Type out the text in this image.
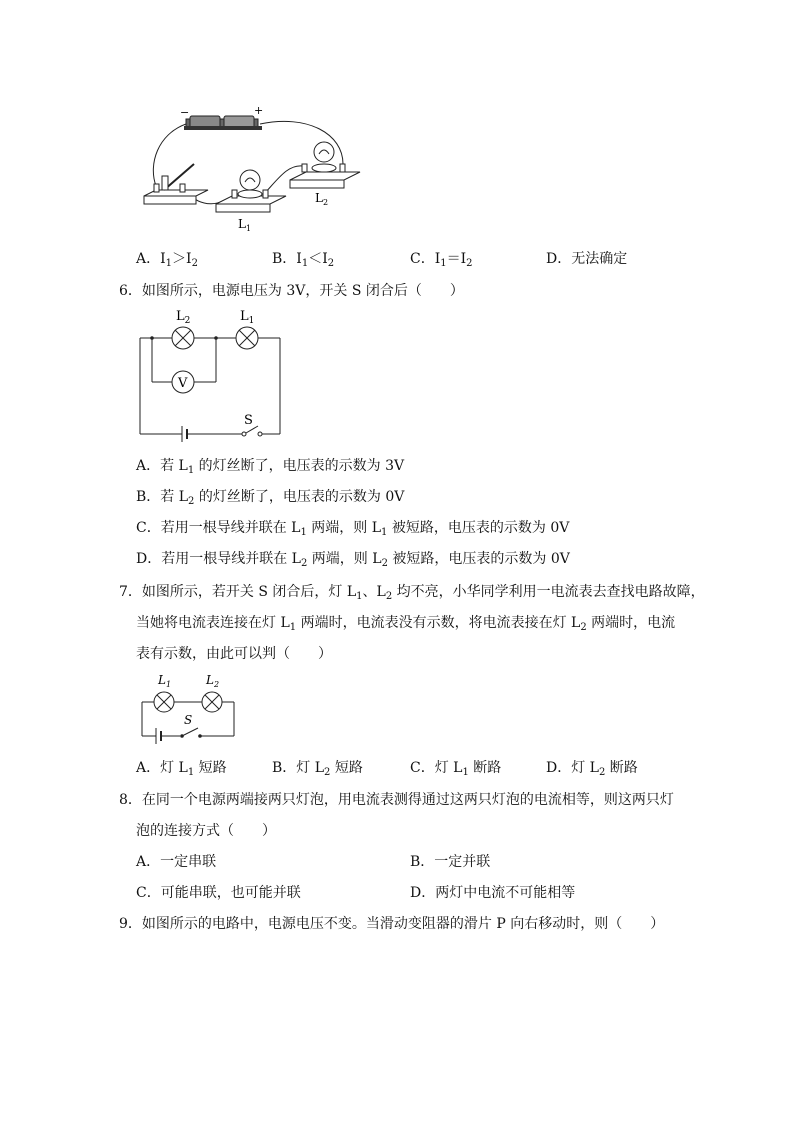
−	+
$L_1$
$L_2$
A．$I_1>I_2$	B．$I_1<I_2$	C．$I_1=I_2$	D．无法确定
6．如图所示，电源电压为 3V，开关 S 闭合后（　　）
S
$L_2$	$L_1$
V
A．若 $L_1$ 的灯丝断了，电压表的示数为 3V
B．若 $L_2$ 的灯丝断了，电压表的示数为 0V
C．若用一根导线并联在 $L_1$ 两端，则 $L_1$ 被短路，电压表的示数为 0V
D．若用一根导线并联在 $L_2$ 两端，则 $L_2$ 被短路，电压表的示数为 0V
7．如图所示，若开关 S 闭合后，灯 $L_1$、$L_2$ 均不亮，小华同学利用一电流表去查找电路故障，
当她将电流表连接在灯 $L_1$ 两端时，电流表没有示数，将电流表接在灯 $L_2$ 两端时，电流
表有示数，由此可以判（　　）
$L_1$	$L_2$
S
A．灯 $L_1$ 短路	B．灯 $L_2$ 短路	C．灯 $L_1$ 断路	D．灯 $L_2$ 断路
8．在同一个电源两端接两只灯泡，用电流表测得通过这两只灯泡的电流相等，则这两只灯
泡的连接方式（　　）
A．一定串联	B．一定并联
C．可能串联，也可能并联	D．两灯中电流不可能相等
9．如图所示的电路中，电源电压不变。当滑动变阻器的滑片 P 向右移动时，则（　　）
